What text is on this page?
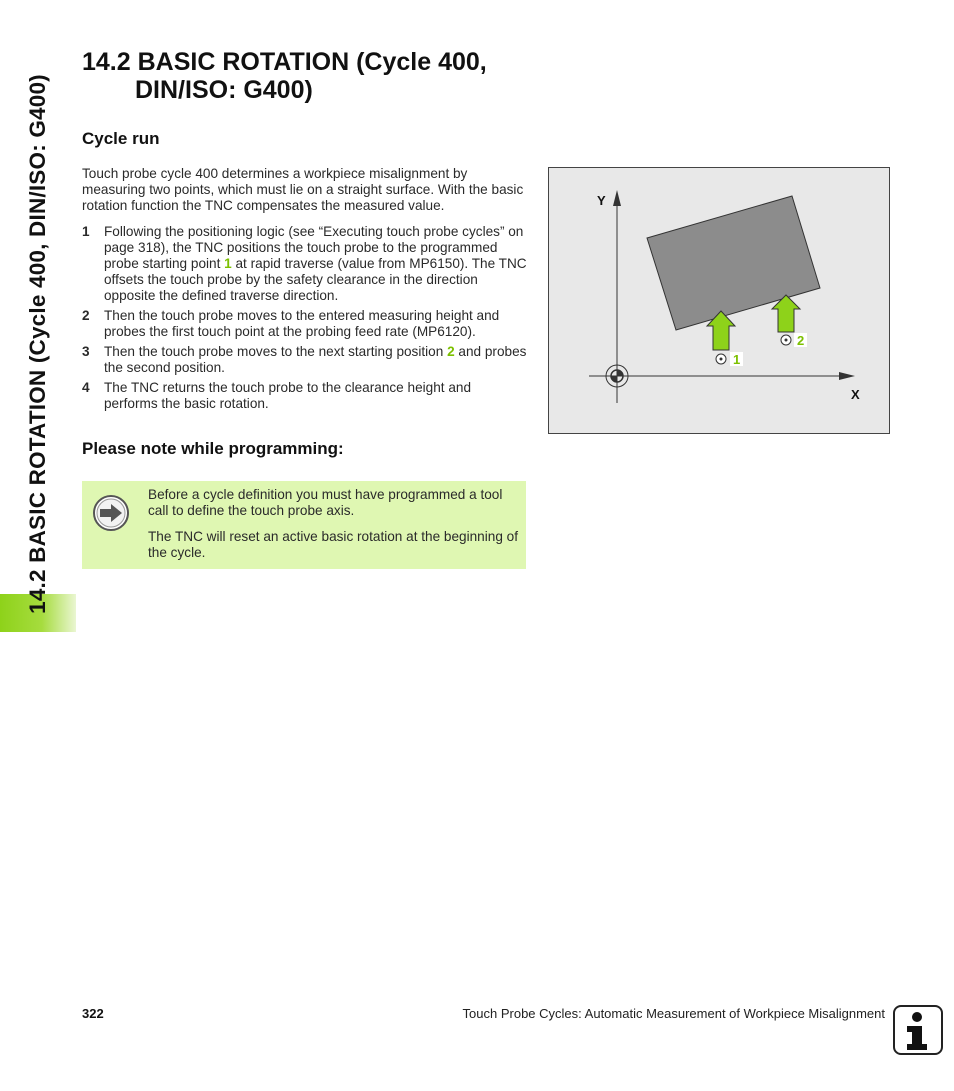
14.2 BASIC ROTATION (Cycle 400, DIN/ISO: G400)
14.2 BASIC ROTATION (Cycle 400,
DIN/ISO: G400)
Cycle run
Touch probe cycle 400 determines a workpiece misalignment by measuring two points, which must lie on a straight surface. With the basic rotation function the TNC compensates the measured value.
1 Following the positioning logic (see “Executing touch probe cycles” on page 318), the TNC positions the touch probe to the programmed probe starting point 1 at rapid traverse (value from MP6150). The TNC offsets the touch probe by the safety clearance in the direction opposite the defined traverse direction.
2 Then the touch probe moves to the entered measuring height and probes the first touch point at the probing feed rate (MP6120).
3 Then the touch probe moves to the next starting position 2 and probes the second position.
4 The TNC returns the touch probe to the clearance height and performs the basic rotation.
Please note while programming:

Before a cycle definition you must have programmed a tool call to define the touch probe axis.

The TNC will reset an active basic rotation at the beginning of the cycle.

Y
X
1
2
322	Touch Probe Cycles: Automatic Measurement of Workpiece Misalignment
